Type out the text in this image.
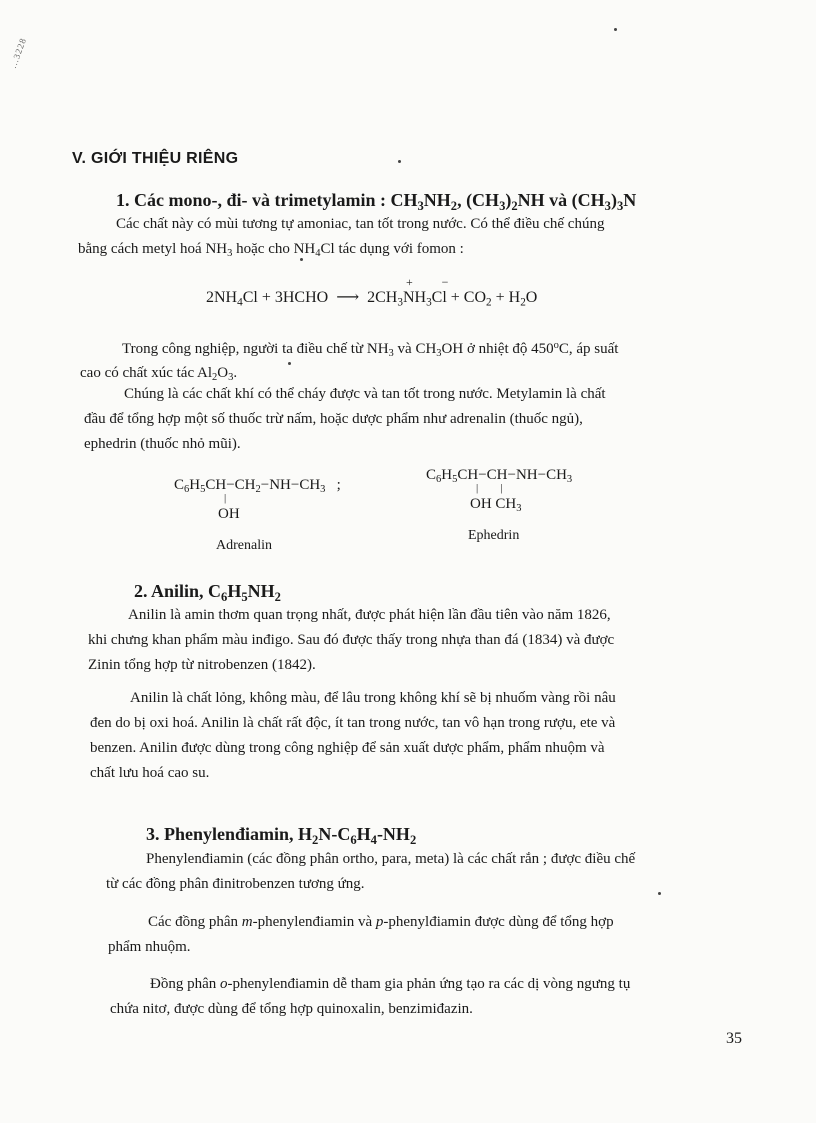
...3228
V. GIỚI THIỆU RIÊNG
1. Các mono-, đi- và trimetylamin : $CH_3NH_2$, $(CH_3)_2NH$ và $(CH_3)_3N$
Các chất này có mùi tương tự amoniac, tan tốt trong nước. Có thể điều chế chúng
bằng cách metyl hoá $NH_3$ hoặc cho $NH_4Cl$ tác dụng với fomon :
$2NH_4Cl$ + 3HCHO ⟶ $2CH_3$
+
$NH_3$
−
$Cl + CO_2 + H_2O$
Trong công nghiệp, người ta điều chế từ $NH_3$ và $CH_3OH$ ở nhiệt độ 450$^o$C, áp suất
cao có chất xúc tác $Al_2O_3$.
Chúng là các chất khí có thể cháy được và tan tốt trong nước. Metylamin là chất
đầu để tổng hợp một số thuốc trừ nấm, hoặc dược phẩm như adrenalin (thuốc ngủ),
ephedrin (thuốc nhỏ mũi).
$C_6H_5CH-CH_2-NH-CH_3$ ;
|
OH
Adrenalin
$C_6H_5CH-CH-NH-CH_3$
|        |
OH $CH_3$
Ephedrin
2. Anilin, $C_6H_5NH_2$
Anilin là amin thơm quan trọng nhất, được phát hiện lần đầu tiên vào năm 1826,
khi chưng khan phẩm màu inđigo. Sau đó được thấy trong nhựa than đá (1834) và được
Zinin tổng hợp từ nitrobenzen (1842).
Anilin là chất lỏng, không màu, để lâu trong không khí sẽ bị nhuốm vàng rồi nâu
đen do bị oxi hoá. Anilin là chất rất độc, ít tan trong nước, tan vô hạn trong rượu, ete và
benzen. Anilin được dùng trong công nghiệp để sản xuất dược phẩm, phẩm nhuộm và
chất lưu hoá cao su.
3. Phenylenđiamin, $H_2N-C_6H_4-NH_2$
Phenylenđiamin (các đồng phân ortho, para, meta) là các chất rắn ; được điều chế
từ các đồng phân đinitrobenzen tương ứng.
Các đồng phân m-phenylenđiamin và p-phenylđiamin được dùng để tổng hợp
phẩm nhuộm.
Đồng phân o-phenylenđiamin dễ tham gia phản ứng tạo ra các dị vòng ngưng tụ
chứa nitơ, được dùng để tổng hợp quinoxalin, benzimiđazin.
35
